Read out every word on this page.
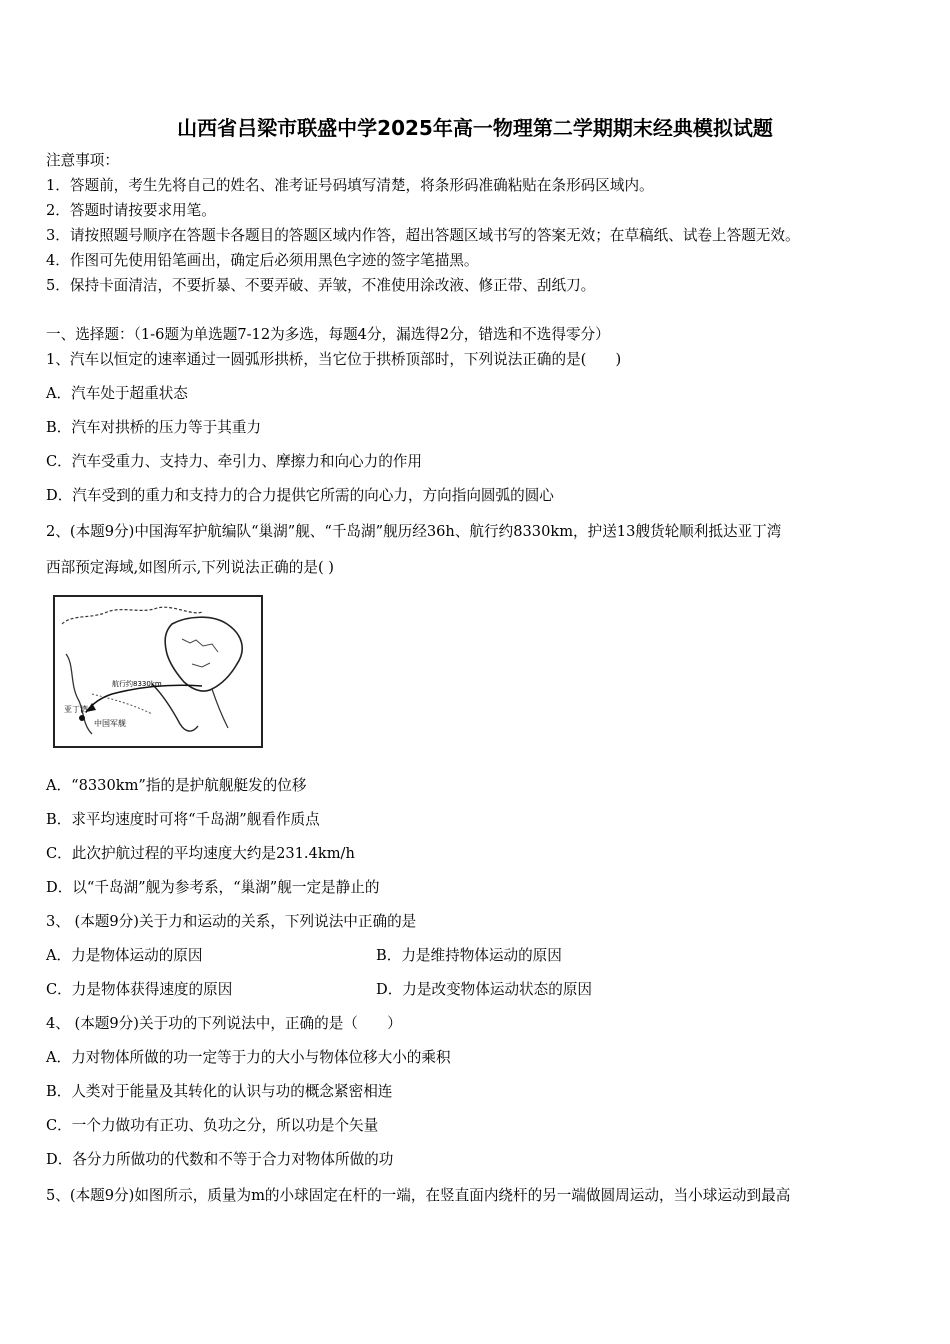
山西省吕梁市联盛中学2025年高一物理第二学期期末经典模拟试题
注意事项：
1．答题前，考生先将自己的姓名、准考证号码填写清楚，将条形码准确粘贴在条形码区域内。
2．答题时请按要求用笔。
3．请按照题号顺序在答题卡各题目的答题区域内作答，超出答题区域书写的答案无效；在草稿纸、试卷上答题无效。
4．作图可先使用铅笔画出，确定后必须用黑色字迹的签字笔描黑。
5．保持卡面清洁，不要折暴、不要弄破、弄皱，不准使用涂改液、修正带、刮纸刀。
一、选择题：（1-6题为单选题7-12为多选，每题4分，漏选得2分，错选和不选得零分）
1、汽车以恒定的速率通过一圆弧形拱桥，当它位于拱桥顶部时，下列说法正确的是(　　)
A．汽车处于超重状态
B．汽车对拱桥的压力等于其重力
C．汽车受重力、支持力、牵引力、摩擦力和向心力的作用
D．汽车受到的重力和支持力的合力提供它所需的向心力，方向指向圆弧的圆心
2、(本题9分)中国海军护航编队“巢湖”舰、“千岛湖”舰历经36h、航行约8330km，护送13艘货轮顺利抵达亚丁湾
西部预定海域,如图所示,下列说法正确的是( )
航行约8330km
亚丁湾
中国军舰
A．“8330km”指的是护航舰艇发的位移
B．求平均速度时可将“千岛湖”舰看作质点
C．此次护航过程的平均速度大约是231.4km/h
D．以“千岛湖”舰为参考系，“巢湖”舰一定是静止的
3、 (本题9分)关于力和运动的关系，下列说法中正确的是
A．力是物体运动的原因	B．力是维持物体运动的原因
C．力是物体获得速度的原因	D．力是改变物体运动状态的原因
4、 (本题9分)关于功的下列说法中，正确的是（　　）
A．力对物体所做的功一定等于力的大小与物体位移大小的乘积
B．人类对于能量及其转化的认识与功的概念紧密相连
C．一个力做功有正功、负功之分，所以功是个矢量
D．各分力所做功的代数和不等于合力对物体所做的功
5、(本题9分)如图所示，质量为m的小球固定在杆的一端，在竖直面内绕杆的另一端做圆周运动，当小球运动到最高
